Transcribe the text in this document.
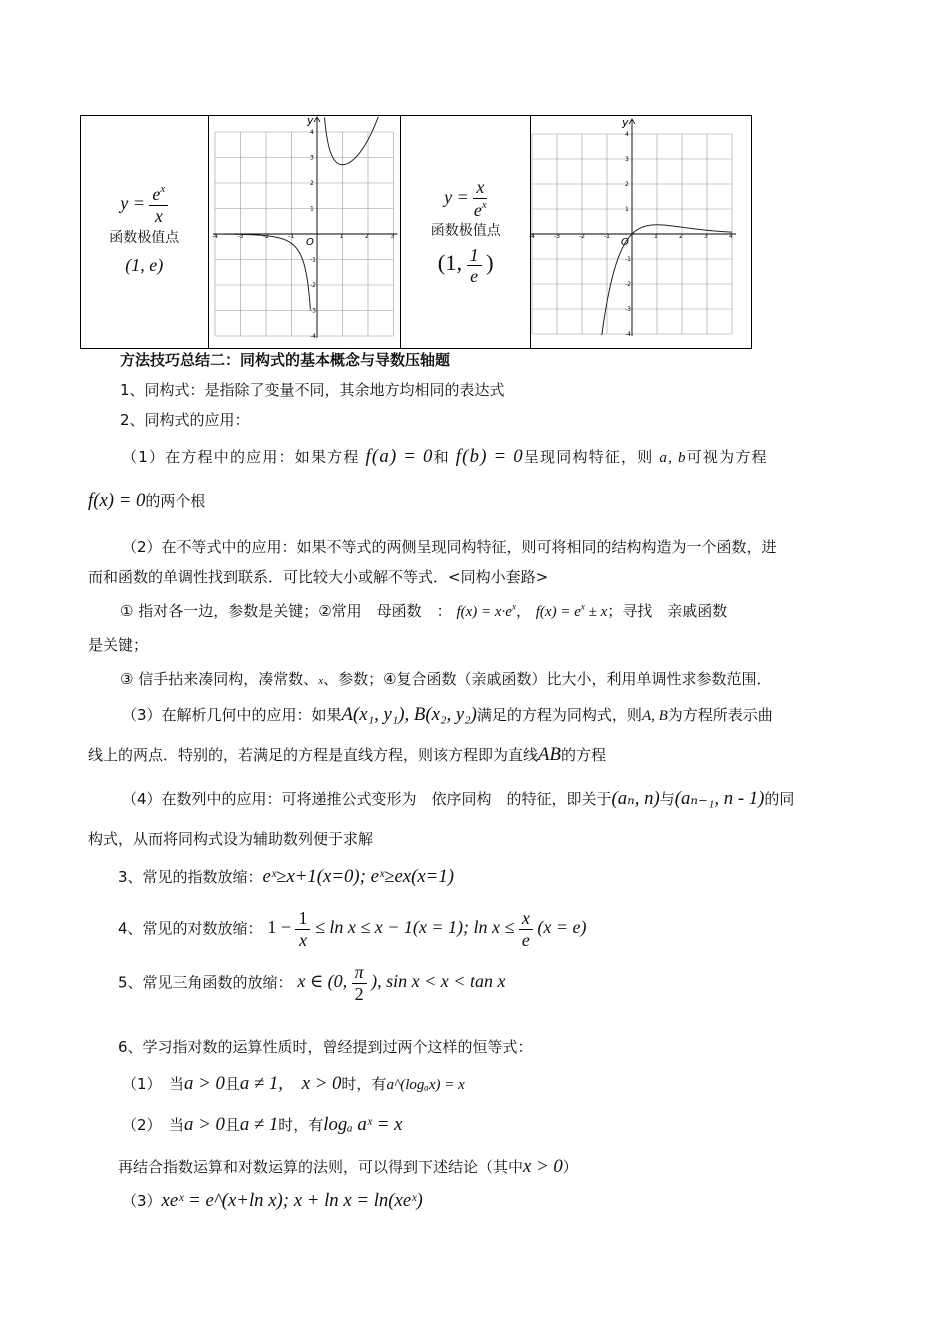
$y = \frac{e^x}{x}$
函数极值点
(1, e)

y
O
-4	-3	-2	-1	1	2	3
4
3
2
1
-1
-2
-3
-4

$y = \frac{x}{e^x}$
函数极值点
(1, $\frac{1}{e}$ )

y
O
-4	-3	-2	-1	1	2	3	4
4
3
2
1
-1
-2
-3
-4
方法技巧总结二：同构式的基本概念与导数压轴题
1、同构式：是指除了变量不同，其余地方均相同的表达式
2、同构式的应用：
（1）在方程中的应用：如果方程 f(a) = 0和 f(b) = 0呈现同构特征，则 a, b可视为方程
f(x) = 0的两个根
（2）在不等式中的应用：如果不等式的两侧呈现同构特征，则可将相同的结构构造为一个函数，进
而和函数的单调性找到联系．可比较大小或解不等式．<同构小套路>
① 指对各一边，参数是关键；②常用　母函数　： $f(x) = x\cdot e^x$， $f(x) = e^x \pm x$；寻找　亲戚函数
是关键；
③ 信手拈来凑同构，凑常数、x、参数；④复合函数（亲戚函数）比大小，利用单调性求参数范围．
（3）在解析几何中的应用：如果A(x₁, y₁), B(x₂, y₂)满足的方程为同构式，则A, B为方程所表示曲
线上的两点．特别的，若满足的方程是直线方程，则该方程即为直线AB的方程
（4）在数列中的应用：可将递推公式变形为　依序同构　的特征，即关于(aₙ, n)与(aₙ₋₁, n - 1)的同
构式，从而将同构式设为辅助数列便于求解
3、常见的指数放缩：eˣ≥x+1(x=0); eˣ≥ex(x=1)
4、常见的对数放缩： $1 - \frac{1}{x} \le \ln x \le x - 1(x = 1)$; $\ln x \le \frac{x}{e} (x = e)$
5、常见三角函数的放缩： x ∈ (0, $\frac{\pi}{2}$ ), sin x < x < tan x
6、学习指对数的运算性质时，曾经提到过两个这样的恒等式：
（1）　当a > 0且a ≠ 1,　x > 0时，有a^(logₐx) = x
（2）　当a > 0且a ≠ 1时，有logₐ aˣ = x
再结合指数运算和对数运算的法则，可以得到下述结论（其中x > 0）
（3）xeˣ = e^(x+ln x); x + ln x = ln(xeˣ)
